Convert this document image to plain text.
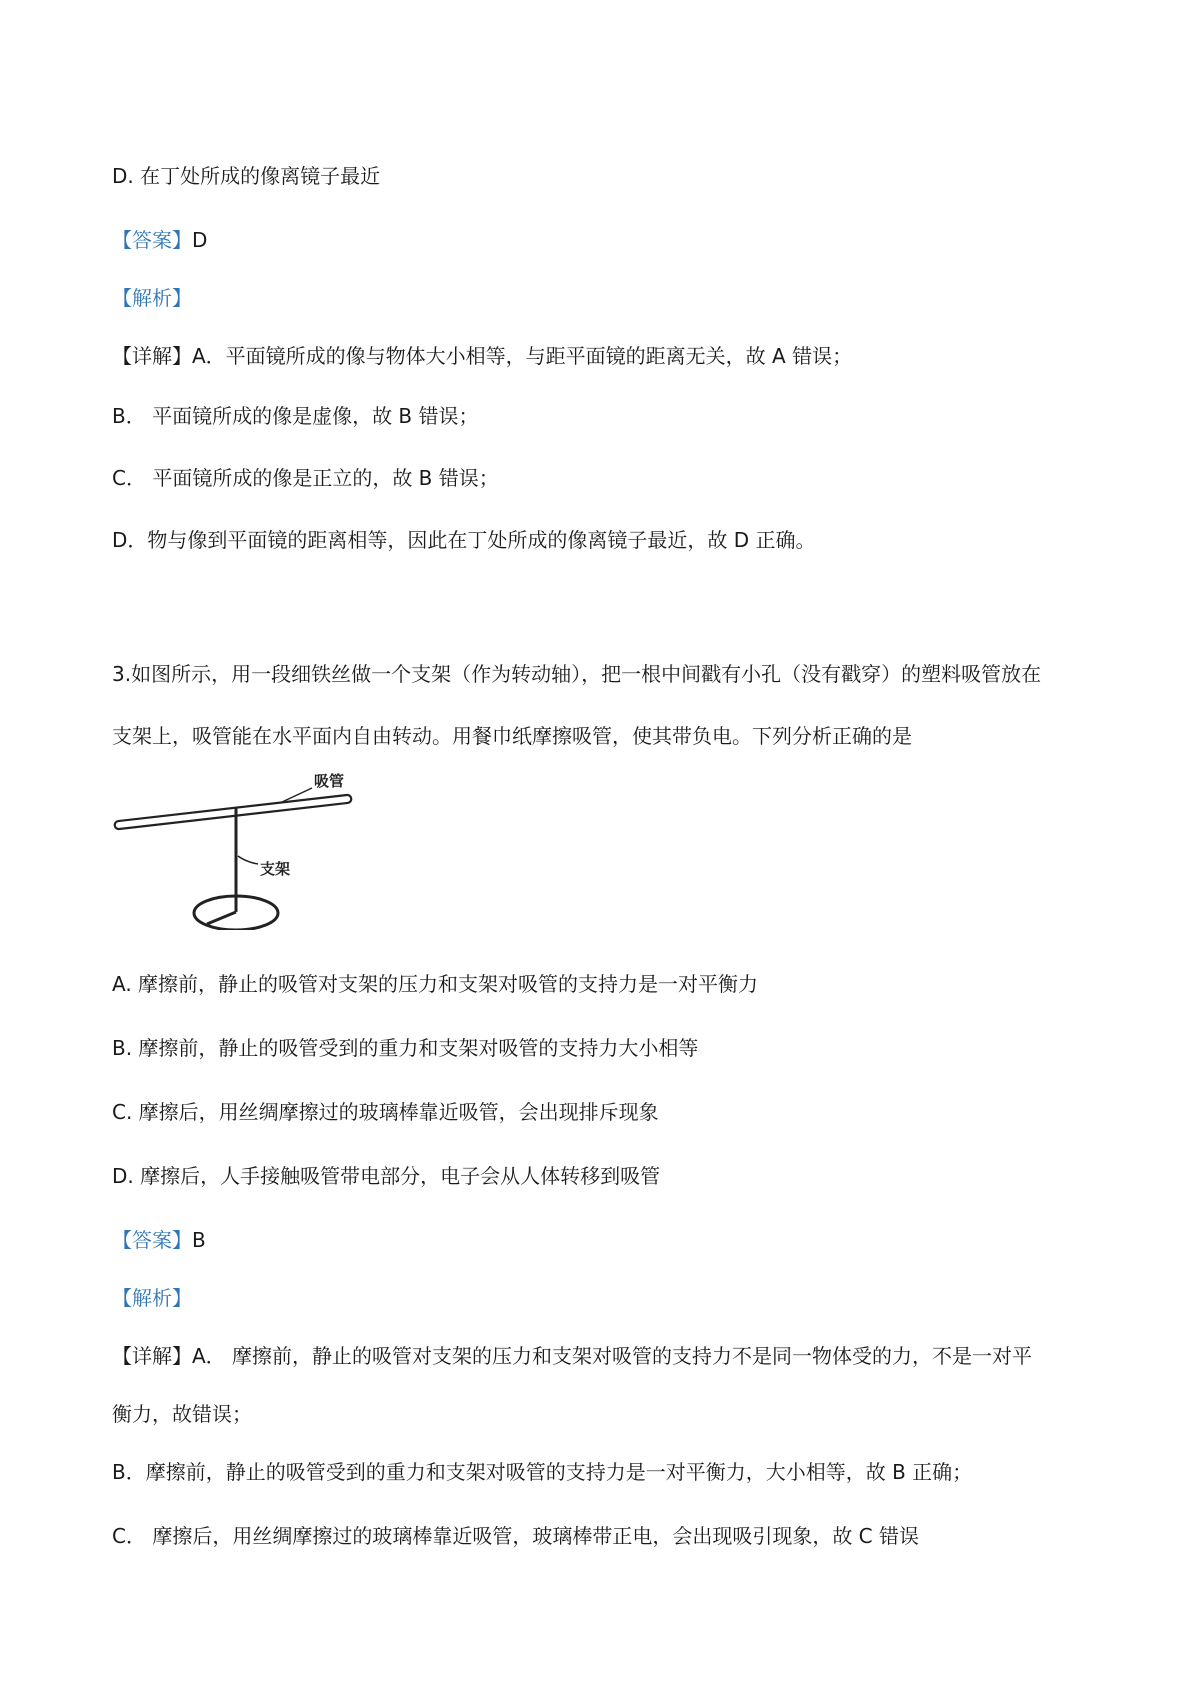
D. 在丁处所成的像离镜子最近
【答案】D
【解析】
【详解】A．平面镜所成的像与物体大小相等，与距平面镜的距离无关，故 A 错误；
B． 平面镜所成的像是虚像，故 B 错误；
C． 平面镜所成的像是正立的，故 B 错误；
D．物与像到平面镜的距离相等，因此在丁处所成的像离镜子最近，故 D 正确。
3.如图所示，用一段细铁丝做一个支架（作为转动轴），把一根中间戳有小孔（没有戳穿）的塑料吸管放在
支架上，吸管能在水平面内自由转动。用餐巾纸摩擦吸管，使其带负电。下列分析正确的是
吸管
支架
A. 摩擦前，静止的吸管对支架的压力和支架对吸管的支持力是一对平衡力
B. 摩擦前，静止的吸管受到的重力和支架对吸管的支持力大小相等
C. 摩擦后，用丝绸摩擦过的玻璃棒靠近吸管，会出现排斥现象
D. 摩擦后，人手接触吸管带电部分，电子会从人体转移到吸管
【答案】B
【解析】
【详解】A． 摩擦前，静止的吸管对支架的压力和支架对吸管的支持力不是同一物体受的力，不是一对平
衡力，故错误；
B．摩擦前，静止的吸管受到的重力和支架对吸管的支持力是一对平衡力，大小相等，故 B 正确；
C． 摩擦后，用丝绸摩擦过的玻璃棒靠近吸管，玻璃棒带正电，会出现吸引现象，故 C 错误
